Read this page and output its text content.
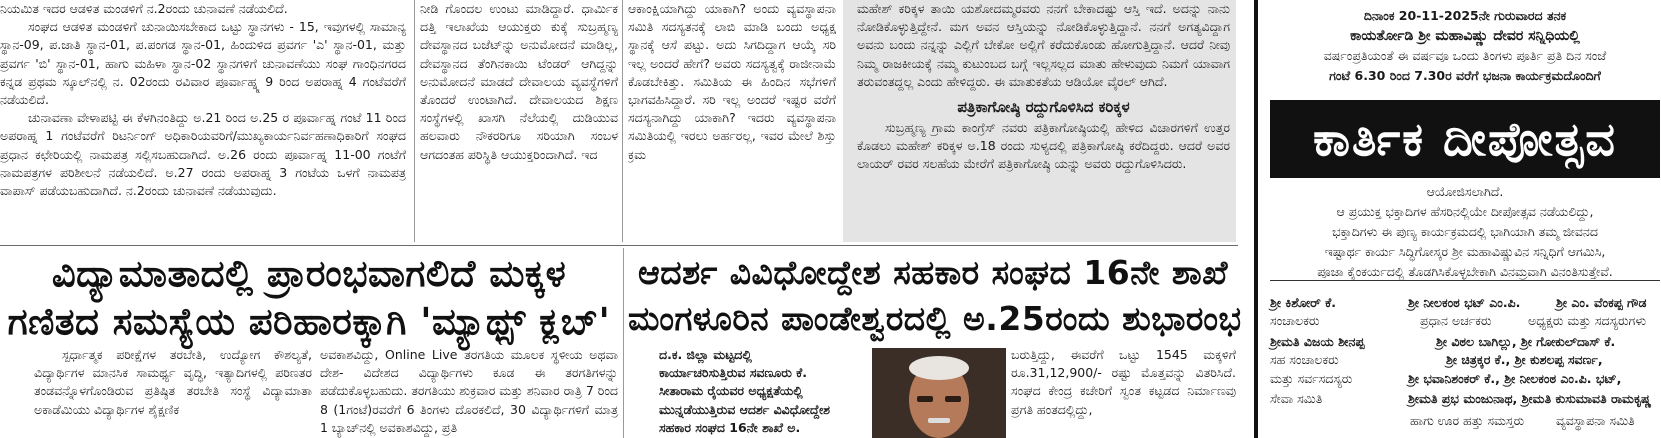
ನಿಯಮಿತ ಇದರ ಆಡಳಿತ ಮಂಡಳಿಗೆ ನ.2ರಂದು ಚುನಾವಣೆ ನಡೆಯಲಿದೆ.

ಸಂಘದ ಆಡಳಿತ ಮಂಡಳಿಗೆ ಚುನಾಯಿಸಬೇಕಾದ ಒಟ್ಟು ಸ್ಥಾನಗಳು - 15, ಇವುಗಳಲ್ಲಿ ಸಾಮಾನ್ಯ ಸ್ಥಾನ-09, ಪ.ಜಾತಿ ಸ್ಥಾನ-01, ಪ.ಪಂಗಡ ಸ್ಥಾನ-01, ಹಿಂದುಳಿದ ಪ್ರವರ್ಗ 'ಎ' ಸ್ಥಾನ-01, ಮತ್ತು ಪ್ರವರ್ಗ 'ಬಿ' ಸ್ಥಾನ-01, ಹಾಗು ಮಹಿಳಾ ಸ್ಥಾನ-02 ಸ್ಥಾನಗಳಿಗೆ ಚುನಾವಣೆಯು ಸಂಘ ಗಾಂಧಿನಗರದ ಕನ್ನಡ ಪ್ರಥಮ ಸ್ಕೂಲ್‌ನಲ್ಲಿ ನ. 02ರಂದು ರವಿವಾರ ಪೂರ್ವಾಹ್ನ್ನ 9 ರಿಂದ ಅಪರಾಹ್ನ 4 ಗಂಟೆವರೆಗೆ ನಡೆಯಲಿದೆ.

ಚುನಾವಣಾ ವೇಳಾಪಟ್ಟಿ ಈ ಕೆಳಗಿನಂತಿದ್ದು ಅ.21 ರಿಂದ ಅ.25 ರ ಪೂರ್ವಾಹ್ನ ಗಂಟೆ 11 ರಿಂದ ಅಪರಾಹ್ನ 1 ಗಂಟೆವರೆಗೆ ರಿಟರ್ನಿಂಗ್ ಅಧಿಕಾರಿಯವರಿಗೆ/ಮುಖ್ಯಕಾರ್ಯನಿರ್ವಹಣಾಧಿಕಾರಿಗೆ ಸಂಘದ ಪ್ರಧಾನ ಕಛೇರಿಯಲ್ಲಿ ನಾಮಪತ್ರ ಸಲ್ಲಿಸಬಹುದಾಗಿದೆ. ಅ.26 ರಂದು ಪೂರ್ವಾಹ್ನ 11-00 ಗಂಟೆಗೆ ನಾಮಪತ್ರಗಳ ಪರಿಶೀಲನೆ ನಡೆಯಲಿದೆ. ಅ.27 ರಂದು ಅಪರಾಹ್ನ 3 ಗಂಟೆಯ ಒಳಗೆ ನಾಮಪತ್ರ ವಾಪಾಸ್ ಪಡೆಯಬಹುದಾಗಿದೆ. ನ.2ರಂದು ಚುನಾವಣೆ ನಡೆಯುವುದು.

ನೀಡಿ ಗೊಂದಲ ಉಂಟು ಮಾಡಿದ್ದಾರೆ. ಧಾರ್ಮಿಕ ದತ್ತಿ ಇಲಾಖೆಯ ಆಯುಕ್ತರು ಕುಕ್ಕೆ ಸುಬ್ರಹ್ಮಣ್ಯ ದೇವಸ್ಥಾನದ ಬಜೆಟ್‌ನ್ನು ಅನುಮೋದನೆ ಮಾಡಿಲ್ಲ, ದೇವಸ್ಥಾನದ ತೆಂಗಿನಕಾಯಿ ಟೆಂಡರ್ ಆಗಿದ್ದನ್ನು ಅನುಮೋದನೆ ಮಾಡದೆ ದೇವಾಲಯ ವ್ಯವಸ್ಥೆಗಳಿಗೆ ತೊಂದರೆ ಉಂಟಾಗಿದೆ. ದೇವಾಲಯದ ಶಿಕ್ಷಣ ಸಂಸ್ಥೆಗಳಲ್ಲಿ ಖಾಸಗಿ ನೆಲೆಯಲ್ಲಿ ದುಡಿಯುವ ಹಲವಾರು ನೌಕರರಿಗೂ ಸರಿಯಾಗಿ ಸಂಬಳ ಆಗದಂತಹ ಪರಿಸ್ಥಿತಿ ಆಯುಕ್ತರಿಂದಾಗಿದೆ. ಇದ

ಆಕಾಂಕ್ಷಿಯಾಗಿದ್ದು ಯಾಕಾಗಿ? ಅಂದು ವ್ಯವಸ್ಥಾಪನಾ ಸಮಿತಿ ಸದಸ್ಯತನಕ್ಕೆ ಲಾಬಿ ಮಾಡಿ ಬಂದು ಅಧ್ಯಕ್ಷ ಸ್ಥಾನಕ್ಕೆ ಆಸೆ ಪಟ್ಟು. ಅದು ಸಿಗದಿದ್ದಾಗ ಆಯ್ಕೆ ಸರಿ ಇಲ್ಲ ಅಂದರೆ ಹೇಗೆ? ಅವರು ಸದಸ್ಯತ್ವಕ್ಕೆ ರಾಜೀನಾಮೆ ಕೊಡಬೇಕಿತ್ತು. ಸಮಿತಿಯ ಈ ಹಿಂದಿನ ಸಭೆಗಳಿಗೆ ಭಾಗವಹಿಸಿದ್ದಾರೆ. ಸರಿ ಇಲ್ಲ ಅಂದರೆ ಇಷ್ಟರ ವರೆಗೆ ಸದಸ್ಯನಾಗಿದ್ದು ಯಾಕಾಗಿ? ಇದರು ವ್ಯವಸ್ಥಾಪನಾ ಸಮಿತಿಯಲ್ಲಿ ಇರಲು ಅರ್ಹರಲ್ಲ, ಇವರ ಮೇಲೆ ಶಿಸ್ತು ಕ್ರಮ

ಮಹೇಶ್ ಕರಿಕ್ಕಳ ತಾಯಿ ಯಶೋದಮ್ಮರವರು ನನಗೆ ಬೇಕಾದಷ್ಟು ಆಸ್ತಿ ಇದೆ. ಅದನ್ನು ನಾನು ನೋಡಿಕೊಳ್ಳುತ್ತಿದ್ದೇನೆ. ಮಗ ಅವನ ಆಸ್ತಿಯನ್ನು ನೋಡಿಕೊಳ್ಳುತ್ತಿದ್ದಾನೆ. ನನಗೆ ಅಗತ್ಯವಿದ್ದಾಗ ಅವನು ಬಂದು ನನ್ನನ್ನು ಎಲ್ಲಿಗೆ ಬೇಕೋ ಅಲ್ಲಿಗೆ ಕರೆದುಕೊಂಡು ಹೋಗುತ್ತಿದ್ದಾನೆ. ಆದರೆ ನೀವು ನಿಮ್ಮ ರಾಜಕೀಯಕ್ಕೆ ನಮ್ಮ ಕುಟುಂಬದ ಬಗ್ಗೆ ಇಲ್ಲಸಲ್ಲದ ಮಾತು ಹೇಳುವುದು ನಿಮಗೆ ಯಾವಾಗ ತರುವಂತದ್ದಲ್ಲ ಎಂದು ಹೇಳಿದ್ದರು. ಈ ಮಾತುಕತೆಯ ಆಡಿಯೋ ವೈರಲ್ ಆಗಿದೆ.

ಪತ್ರಿಕಾಗೋಷ್ಠಿ ರದ್ದುಗೊಳಿಸಿದ ಕರಿಕ್ಕಳ

ಸುಬ್ರಹ್ಮಣ್ಯ ಗ್ರಾಮ ಕಾಂಗ್ರೆಸ್ ನವರು ಪತ್ರಿಕಾಗೋಷ್ಠಿಯಲ್ಲಿ ಹೇಳಿದ ವಿಚಾರಗಳಿಗೆ ಉತ್ತರ ಕೊಡಲು ಮಹೇಶ್ ಕರಿಕ್ಕಳ ಅ.18 ರಂದು ಸುಳ್ಯದಲ್ಲಿ ಪತ್ರಿಕಾಗೋಷ್ಠಿ ಕರೆದಿದ್ದರು. ಆದರೆ ಅವರ ಲಾಯರ್ ರವರ ಸಲಹೆಯ ಮೇರೆಗೆ ಪತ್ರಿಕಾಗೋಷ್ಠಿ ಯನ್ನು ಅವರು ರದ್ದುಗೊಳಿಸಿದರು.

ವಿದ್ಯಾಮಾತಾದಲ್ಲಿ ಪ್ರಾರಂಭವಾಗಲಿದೆ ಮಕ್ಕಳ
ಗಣಿತದ ಸಮಸ್ಯೆಯ ಪರಿಹಾರಕ್ಕಾಗಿ 'ಮ್ಯಾಥ್ಸ್ ಕ್ಲಬ್'
ಆದರ್ಶ ವಿವಿಧೋದ್ದೇಶ ಸಹಕಾರ ಸಂಘದ 16ನೇ ಶಾಖೆ
ಮಂಗಳೂರಿನ ಪಾಂಡೇಶ್ವರದಲ್ಲಿ ಅ.25ರಂದು ಶುಭಾರಂಭ

ಸ್ಪರ್ಧಾತ್ಮಕ ಪರೀಕ್ಷೆಗಳ ತರಬೇತಿ, ಉದ್ಯೋಗ ಕೌಶಲ್ಯತೆ, ವಿದ್ಯಾರ್ಥಿಗಳ ಮಾನಸಿಕ ಸಾಮರ್ಥ್ಯ ವೃದ್ಧಿ, ಇತ್ಯಾದಿಗಳಲ್ಲಿ ಪರಿಣತರ ತಂಡವನ್ನೊಳಗೊಂಡಿರುವ ಪ್ರತಿಷ್ಠಿತ ತರಬೇತಿ ಸಂಸ್ಥೆ ವಿದ್ಯಾಮಾತಾ ಅಕಾಡೆಮಿಯು ವಿದ್ಯಾರ್ಥಿಗಳ ಶೈಕ್ಷಣಿಕ

ಅವಕಾಶವಿದ್ದು, Online Live ತರಗತಿಯ ಮೂಲಕ ಸ್ಥಳೀಯ ಅಥವಾ ದೇಶ- ವಿದೇಶದ ವಿದ್ಯಾರ್ಥಿಗಳು ಕೂಡ ಈ ತರಗತಿಗಳನ್ನು ಪಡೆದುಕೊಳ್ಳಬಹುದು. ತರಗತಿಯು ಶುಕ್ರವಾರ ಮತ್ತು ಶನಿವಾರ ರಾತ್ರಿ 7 ರಿಂದ 8 (1ಗಂಟೆ)ರವರೆಗೆ 6 ತಿಂಗಳು ದೊರಕಲಿದೆ, 30 ವಿದ್ಯಾರ್ಥಿಗಳಿಗೆ ಮಾತ್ರ 1 ಬ್ಯಾಚ್‌ನಲ್ಲಿ ಅವಕಾಶವಿದ್ದು, ಪ್ರತಿ

ದ.ಕ. ಜಿಲ್ಲಾ ಮಟ್ಟದಲ್ಲಿ
ಕಾರ್ಯಾಚರಿಸುತ್ತಿರುವ ಸವಣೂರು ಕೆ.
ಸೀತಾರಾಮ ರೈಯವರ ಅಧ್ಯಕ್ಷತೆಯಲ್ಲಿ
ಮುನ್ನಡೆಯುತ್ತಿರುವ ಆದರ್ಶ ವಿವಿಧೋದ್ದೇಶ
ಸಹಕಾರ ಸಂಘದ 16ನೇ ಶಾಖೆ ಅ.

ಬರುತ್ತಿದ್ದು, ಈವರೆಗೆ ಒಟ್ಟು 1545 ಮಕ್ಕಳಿಗೆ ರೂ.31,12,900/- ರಷ್ಟು ಮೊತ್ತವನ್ನು ವಿತರಿಸಿದೆ. ಸಂಘದ ಕೇಂದ್ರ ಕಚೇರಿಗೆ ಸ್ವಂತ ಕಟ್ಟಡದ ನಿರ್ಮಾಣವು ಪ್ರಗತಿ ಹಂತದಲ್ಲಿದ್ದು,

ದಿನಾಂಕ 20-11-2025ನೇ ಗುರುವಾರದ ತನಕ
ಕಾಯರ್ತೋಡಿ ಶ್ರೀ ಮಹಾವಿಷ್ಣು ದೇವರ ಸನ್ನಿಧಿಯಲ್ಲಿ
ವರ್ಷಂಪ್ರತಿಯಂತೆ ಈ ವರ್ಷವೂ ಒಂದು ತಿಂಗಳು ಪೂರ್ತಿ ಪ್ರತಿ ದಿನ ಸಂಜೆ
ಗಂಟೆ 6.30 ರಿಂದ 7.30ರ ವರೆಗೆ ಭಜನಾ ಕಾರ್ಯಕ್ರಮದೊಂದಿಗೆ
ಕಾರ್ತಿಕ ದೀಪೋತ್ಸವ
ಆಯೋಜಿಸಲಾಗಿದೆ.
ಆ ಪ್ರಯುಕ್ತ ಭಕ್ತಾದಿಗಳ ಹೆಸರಿನಲ್ಲಿಯೇ ದೀಪೋತ್ಸವ ನಡೆಯಲಿದ್ದು,
ಭಕ್ತಾದಿಗಳು ಈ ಪುಣ್ಯ ಕಾರ್ಯಕ್ರಮದಲ್ಲಿ ಭಾಗಿಯಾಗಿ ತಮ್ಮ ಜೀವನದ
ಇಷ್ಟಾರ್ಥ ಕಾರ್ಯ ಸಿದ್ಧಿಗೋಸ್ಕರ ಶ್ರೀ ಮಹಾವಿಷ್ಣುವಿನ ಸನ್ನಿಧಿಗೆ ಆಗಮಿಸಿ,
ಪೂಜಾ ಕೈಂಕರ್ಯದಲ್ಲಿ ತೊಡಗಿಸಿಕೊಳ್ಳಬೇಕಾಗಿ ವಿನಮ್ರವಾಗಿ ವಿನಂತಿಸುತ್ತೇವೆ.
ಶ್ರೀ ಕಿಶೋರ್ ಕೆ.	ಶ್ರೀ ನೀಲಕಂಠ ಭಟ್ ಎಂ.ಪಿ.	ಶ್ರೀ ಎಂ. ವೆಂಕಪ್ಪ ಗೌಡ
ಸಂಚಾಲಕರು	ಪ್ರಧಾನ ಅರ್ಚಕರು	ಅಧ್ಯಕ್ಷರು ಮತ್ತು ಸದಸ್ಯರುಗಳು
ಶ್ರೀಮತಿ ವಿಜಯ ಶೀನಪ್ಪ	ಶ್ರೀ ವಿಠಲ ಬಾಗಿಲ್ಲು, ಶ್ರೀ ಗೋಕುಲ್‌ದಾಸ್ ಕೆ.
ಸಹ ಸಂಚಾಲಕರು	ಶ್ರೀ ಚಿತ್ರಕ್ಕರ ಕೆ., ಶ್ರೀ ಕುಶಲಪ್ಪ ಸವರ್ಣ,
ಮತ್ತು ಸರ್ವಸದಸ್ಯರು	ಶ್ರೀ ಭವಾನಿಶಂಕರ್ ಕೆ., ಶ್ರೀ ನೀಲಕಂಠ ಎಂ.ಪಿ. ಭಟ್,
ಸೇವಾ ಸಮಿತಿ	ಶ್ರೀಮತಿ ಪ್ರಭ ಮಂಜುನಾಥ, ಶ್ರೀಮತಿ ಕುಸುಮಾವತಿ ರಾಮಕೃಷ್ಣ
ಹಾಗು ಊರ ಹತ್ತು ಸಮಸ್ತರು	ವ್ಯವಸ್ಥಾಪನಾ ಸಮಿತಿ
